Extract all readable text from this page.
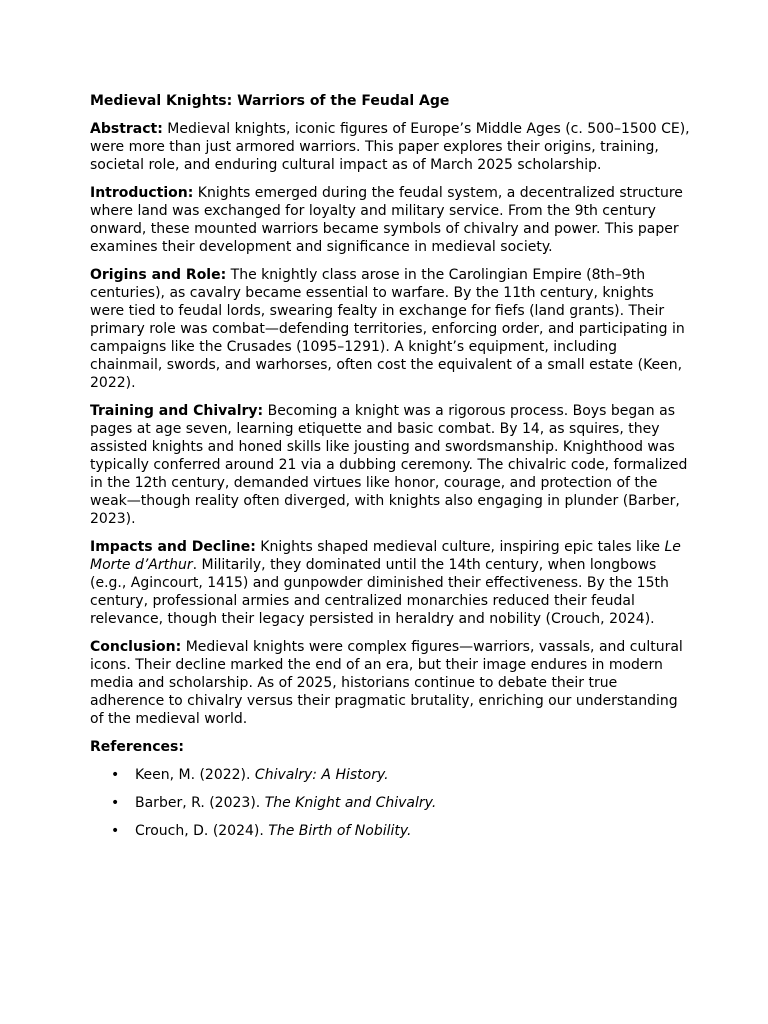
Medieval Knights: Warriors of the Feudal Age
Abstract: Medieval knights, iconic figures of Europe’s Middle Ages (c. 500–1500 CE), were more than just armored warriors. This paper explores their origins, training, societal role, and enduring cultural impact as of March 2025 scholarship.
Introduction: Knights emerged during the feudal system, a decentralized structure where land was exchanged for loyalty and military service. From the 9th century onward, these mounted warriors became symbols of chivalry and power. This paper examines their development and significance in medieval society.
Origins and Role: The knightly class arose in the Carolingian Empire (8th–9th centuries), as cavalry became essential to warfare. By the 11th century, knights were tied to feudal lords, swearing fealty in exchange for fiefs (land grants). Their primary role was combat—defending territories, enforcing order, and participating in campaigns like the Crusades (1095–1291). A knight’s equipment, including chainmail, swords, and warhorses, often cost the equivalent of a small estate (Keen, 2022).
Training and Chivalry: Becoming a knight was a rigorous process. Boys began as pages at age seven, learning etiquette and basic combat. By 14, as squires, they assisted knights and honed skills like jousting and swordsmanship. Knighthood was typically conferred around 21 via a dubbing ceremony. The chivalric code, formalized in the 12th century, demanded virtues like honor, courage, and protection of the weak—though reality often diverged, with knights also engaging in plunder (Barber, 2023).
Impacts and Decline: Knights shaped medieval culture, inspiring epic tales like Le Morte d’Arthur. Militarily, they dominated until the 14th century, when longbows (e.g., Agincourt, 1415) and gunpowder diminished their effectiveness. By the 15th century, professional armies and centralized monarchies reduced their feudal relevance, though their legacy persisted in heraldry and nobility (Crouch, 2024).
Conclusion: Medieval knights were complex figures—warriors, vassals, and cultural icons. Their decline marked the end of an era, but their image endures in modern media and scholarship. As of 2025, historians continue to debate their true adherence to chivalry versus their pragmatic brutality, enriching our understanding of the medieval world.
References:
• Keen, M. (2022). Chivalry: A History.
• Barber, R. (2023). The Knight and Chivalry.
• Crouch, D. (2024). The Birth of Nobility.
